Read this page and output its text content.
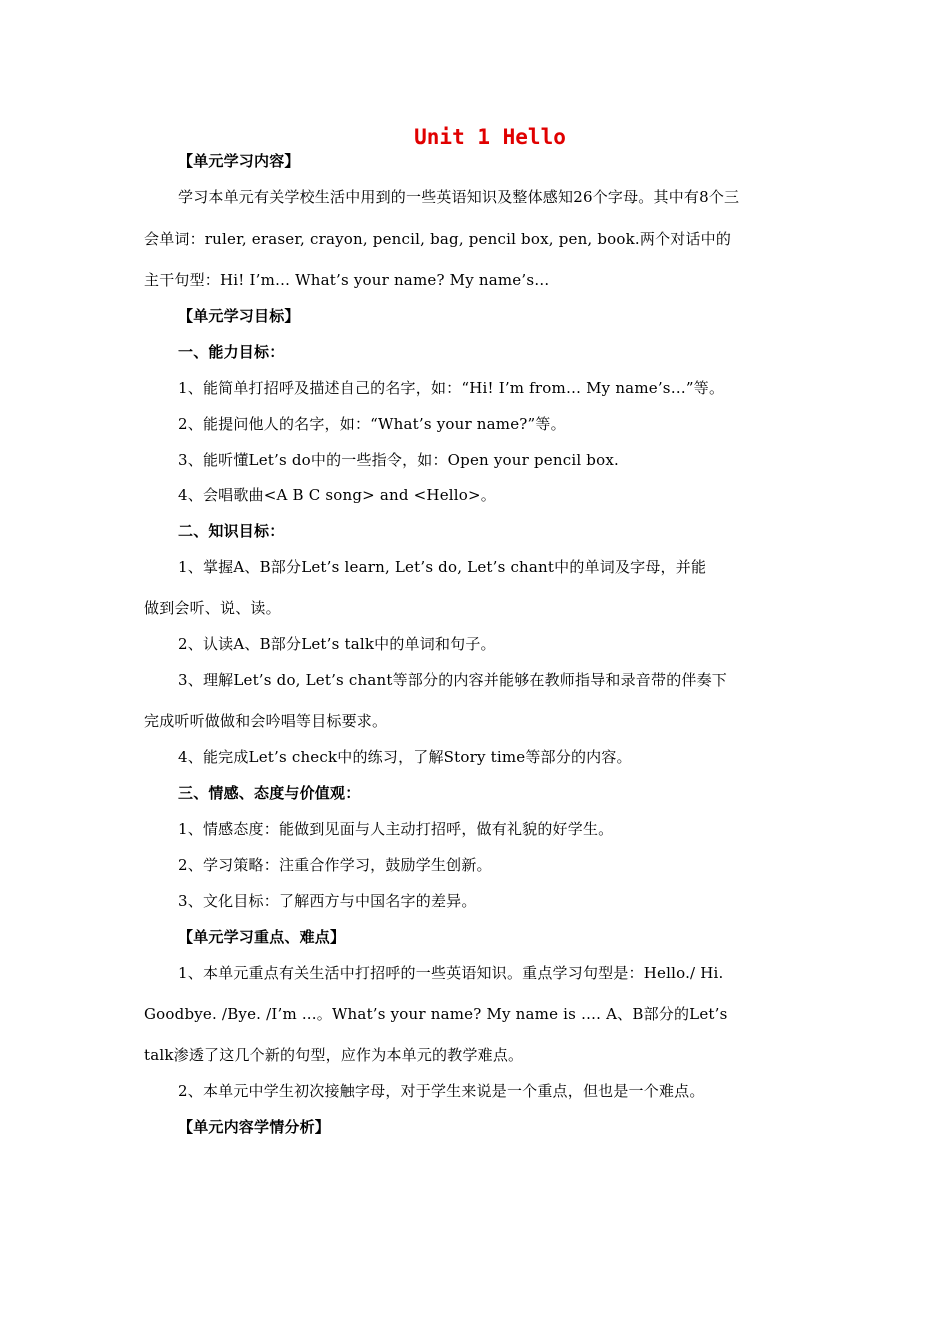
Unit 1 Hello
【单元学习内容】
学习本单元有关学校生活中用到的一些英语知识及整体感知26个字母。其中有8个三
会单词：ruler, eraser, crayon, pencil, bag, pencil box, pen, book.两个对话中的
主干句型：Hi! I’m… What’s your name? My name’s…
【单元学习目标】
一、能力目标：
1、能简单打招呼及描述自己的名字，如：“Hi! I’m from… My name’s…”等。
2、能提问他人的名字，如：“What’s your name?”等。
3、能听懂Let’s do中的一些指令，如：Open your pencil box.
4、会唱歌曲<A B C song> and <Hello>。
二、知识目标：
1、掌握A、B部分Let’s learn, Let’s do, Let’s chant中的单词及字母，并能
做到会听、说、读。
2、认读A、B部分Let’s talk中的单词和句子。
3、理解Let’s do, Let’s chant等部分的内容并能够在教师指导和录音带的伴奏下
完成听听做做和会吟唱等目标要求。
4、能完成Let’s check中的练习，了解Story time等部分的内容。
三、情感、态度与价值观：
1、情感态度：能做到见面与人主动打招呼，做有礼貌的好学生。
2、学习策略：注重合作学习，鼓励学生创新。
3、文化目标：了解西方与中国名字的差异。
【单元学习重点、难点】
1、本单元重点有关生活中打招呼的一些英语知识。重点学习句型是：Hello./ Hi.
Goodbye. /Bye. /I’m ...。What’s your name? My name is …. A、B部分的Let’s
talk渗透了这几个新的句型，应作为本单元的教学难点。
2、本单元中学生初次接触字母，对于学生来说是一个重点，但也是一个难点。
【单元内容学情分析】
